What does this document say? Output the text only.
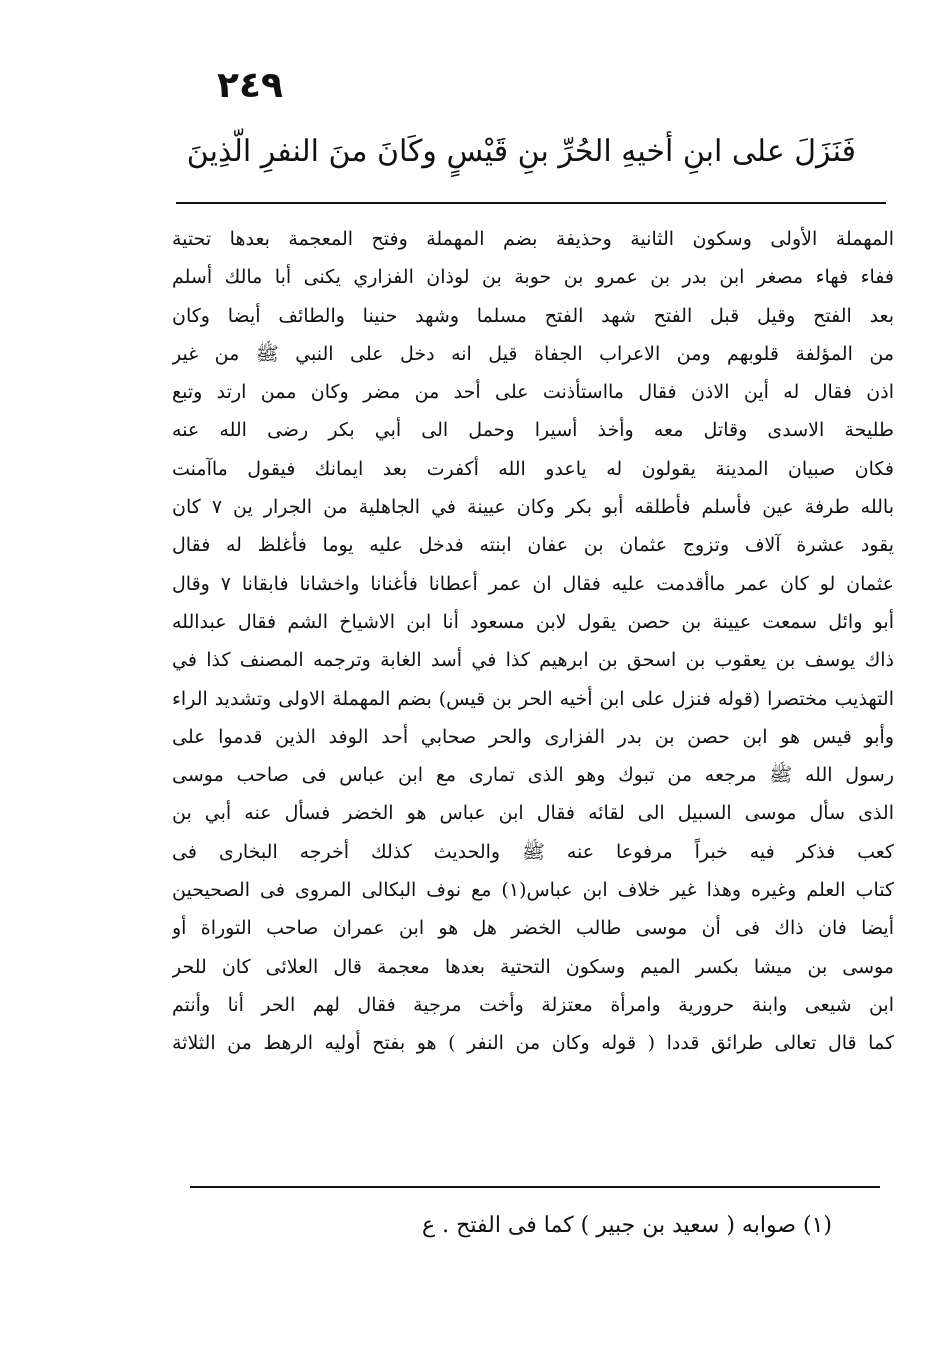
٢٤٩
فَنَزَلَ على ابنِ أخيهِ الحُرِّ بنِ قَيْسٍ وكَانَ منَ النفرِ الّذِينَ
المهملة الأولى وسكون الثانية وحذيفة بضم المهملة وفتح المعجمة بعدها تحتية
ففاء فهاء مصغر ابن بدر بن عمرو بن حوبة بن لوذان الفزاري يكنى أبا مالك أسلم
بعد الفتح وقيل قبل الفتح شهد الفتح مسلما وشهد حنينا والطائف أيضا وكان
من المؤلفة قلوبهم ومن الاعراب الجفاة قيل انه دخل على النبي ﷺ من غير
اذن فقال له أين الاذن فقال مااستأذنت على أحد من مضر وكان ممن ارتد وتبع
طليحة الاسدى وقاتل معه وأخذ أسيرا وحمل الى أبي بكر رضى الله عنه
فكان صبيان المدينة يقولون له ياعدو الله أكفرت بعد ايمانك فيقول ماآمنت
بالله طرفة عين فأسلم فأطلقه أبو بكر وكان عيينة في الجاهلية من الجرار ين ٧ كان
يقود عشرة آلاف وتزوج عثمان بن عفان ابنته فدخل عليه يوما فأغلظ له فقال
عثمان لو كان عمر ماأقدمت عليه فقال ان عمر أعطانا فأغنانا واخشانا فابقانا ٧ وقال
أبو وائل سمعت عيينة بن حصن يقول لابن مسعود أنا ابن الاشياخ الشم فقال عبدالله
ذاك يوسف بن يعقوب بن اسحق بن ابرهيم كذا في أسد الغابة وترجمه المصنف كذا في
التهذيب مختصرا (قوله فنزل على ابن أخيه الحر بن قيس) بضم المهملة الاولى وتشديد الراء
وأبو قيس هو ابن حصن بن بدر الفزارى والحر صحابي أحد الوفد الذين قدموا على
رسول الله ﷺ مرجعه من تبوك وهو الذى تمارى مع ابن عباس فى صاحب موسى
الذى سأل موسى السبيل الى لقائه فقال ابن عباس هو الخضر فسأل عنه أبي بن
كعب فذكر فيه خبراً مرفوعا عنه ﷺ والحديث كذلك أخرجه البخارى فى
كتاب العلم وغيره وهذا غير خلاف ابن عباس(١) مع نوف البكالى المروى فى الصحيحين
أيضا فان ذاك فى أن موسى طالب الخضر هل هو ابن عمران صاحب التوراة أو
موسى بن ميشا بكسر الميم وسكون التحتية بعدها معجمة قال العلائى كان للحر
ابن شيعى وابنة حرورية وامرأة معتزلة وأخت مرجية فقال لهم الحر أنا وأنتم
كما قال تعالى طرائق قددا ( قوله وكان من النفر ) هو بفتح أوليه الرهط من الثلاثة
(١) صوابه ( سعيد بن جبير ) كما فى الفتح . ع
